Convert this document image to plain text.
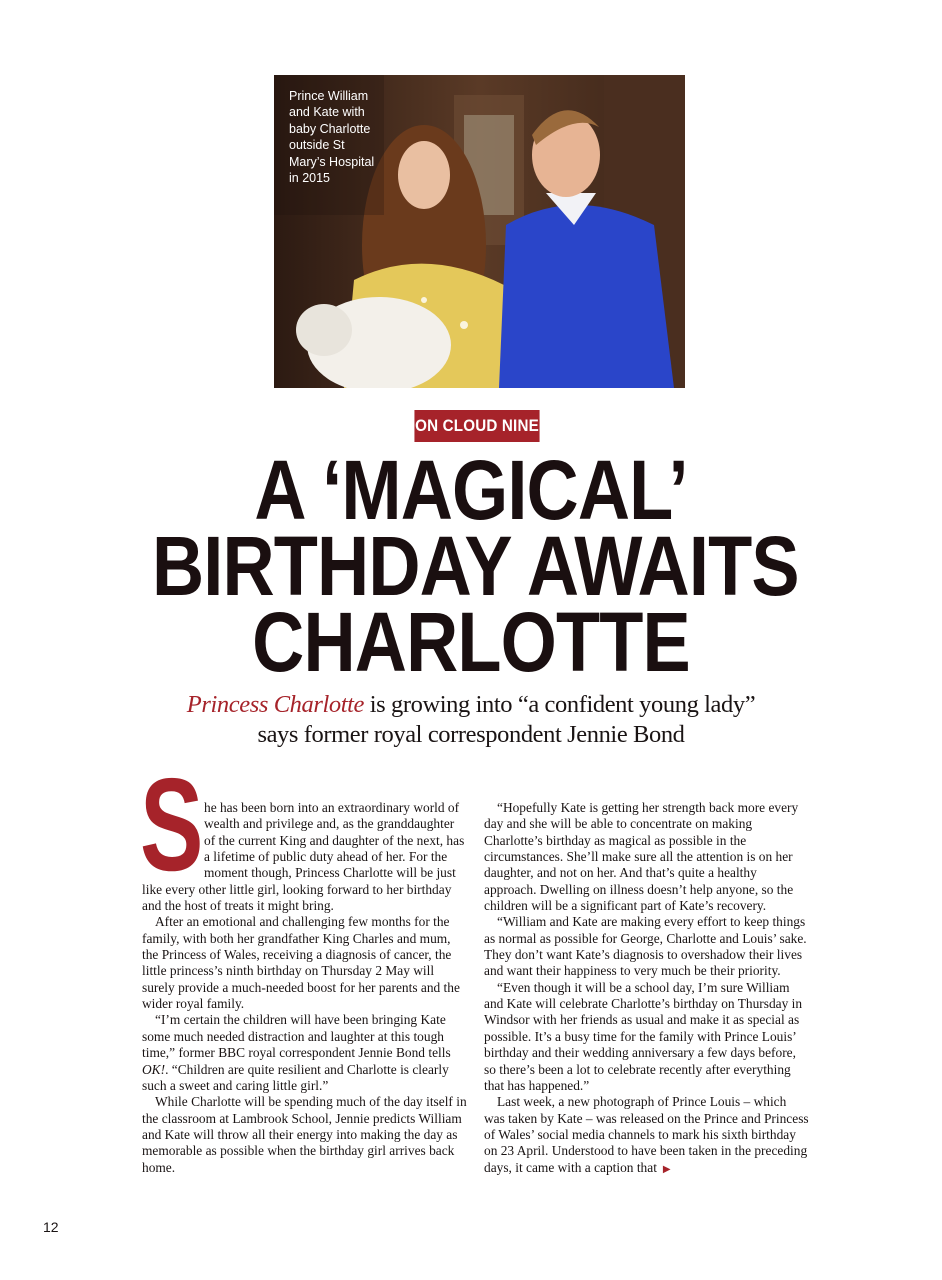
Prince William and Kate with baby Charlotte outside St Mary’s Hospital in 2015

ON CLOUD NINE
A ‘MAGICAL’
BIRTHDAY AWAITS
CHARLOTTE

Princess Charlotte is growing into “a confident young lady”
says former royal correspondent Jennie Bond

She has been born into an extraordinary world of wealth and privilege and, as the granddaughter of the current King and daughter of the next, has a lifetime of public duty ahead of her. For the moment though, Princess Charlotte will be just like every other little girl, looking forward to her birthday and the host of treats it might bring.

After an emotional and challenging few months for the family, with both her grandfather King Charles and mum, the Princess of Wales, receiving a diagnosis of cancer, the little princess’s ninth birthday on Thursday 2 May will surely provide a much-needed boost for her parents and the wider royal family.

“I’m certain the children will have been bringing Kate some much needed distraction and laughter at this tough time,” former BBC royal correspondent Jennie Bond tells OK!. “Children are quite resilient and Charlotte is clearly such a sweet and caring little girl.”

While Charlotte will be spending much of the day itself in the classroom at Lambrook School, Jennie predicts William and Kate will throw all their energy into making the day as memorable as possible when the birthday girl arrives back home.

“Hopefully Kate is getting her strength back more every day and she will be able to concentrate on making Charlotte’s birthday as magical as possible in the circumstances. She’ll make sure all the attention is on her daughter, and not on her. And that’s quite a healthy approach. Dwelling on illness doesn’t help anyone, so the children will be a significant part of Kate’s recovery.

“William and Kate are making every effort to keep things as normal as possible for George, Charlotte and Louis’ sake. They don’t want Kate’s diagnosis to overshadow their lives and want their happiness to very much be their priority.

“Even though it will be a school day, I’m sure William and Kate will celebrate Charlotte’s birthday on Thursday in Windsor with her friends as usual and make it as special as possible. It’s a busy time for the family with Prince Louis’ birthday and their wedding anniversary a few days before, so there’s been a lot to celebrate recently after everything that has happened.”

Last week, a new photograph of Prince Louis – which was taken by Kate – was released on the Prince and Princess of Wales’ social media channels to mark his sixth birthday on 23 April. Understood to have been taken in the preceding days, it came with a caption that ▶

12
